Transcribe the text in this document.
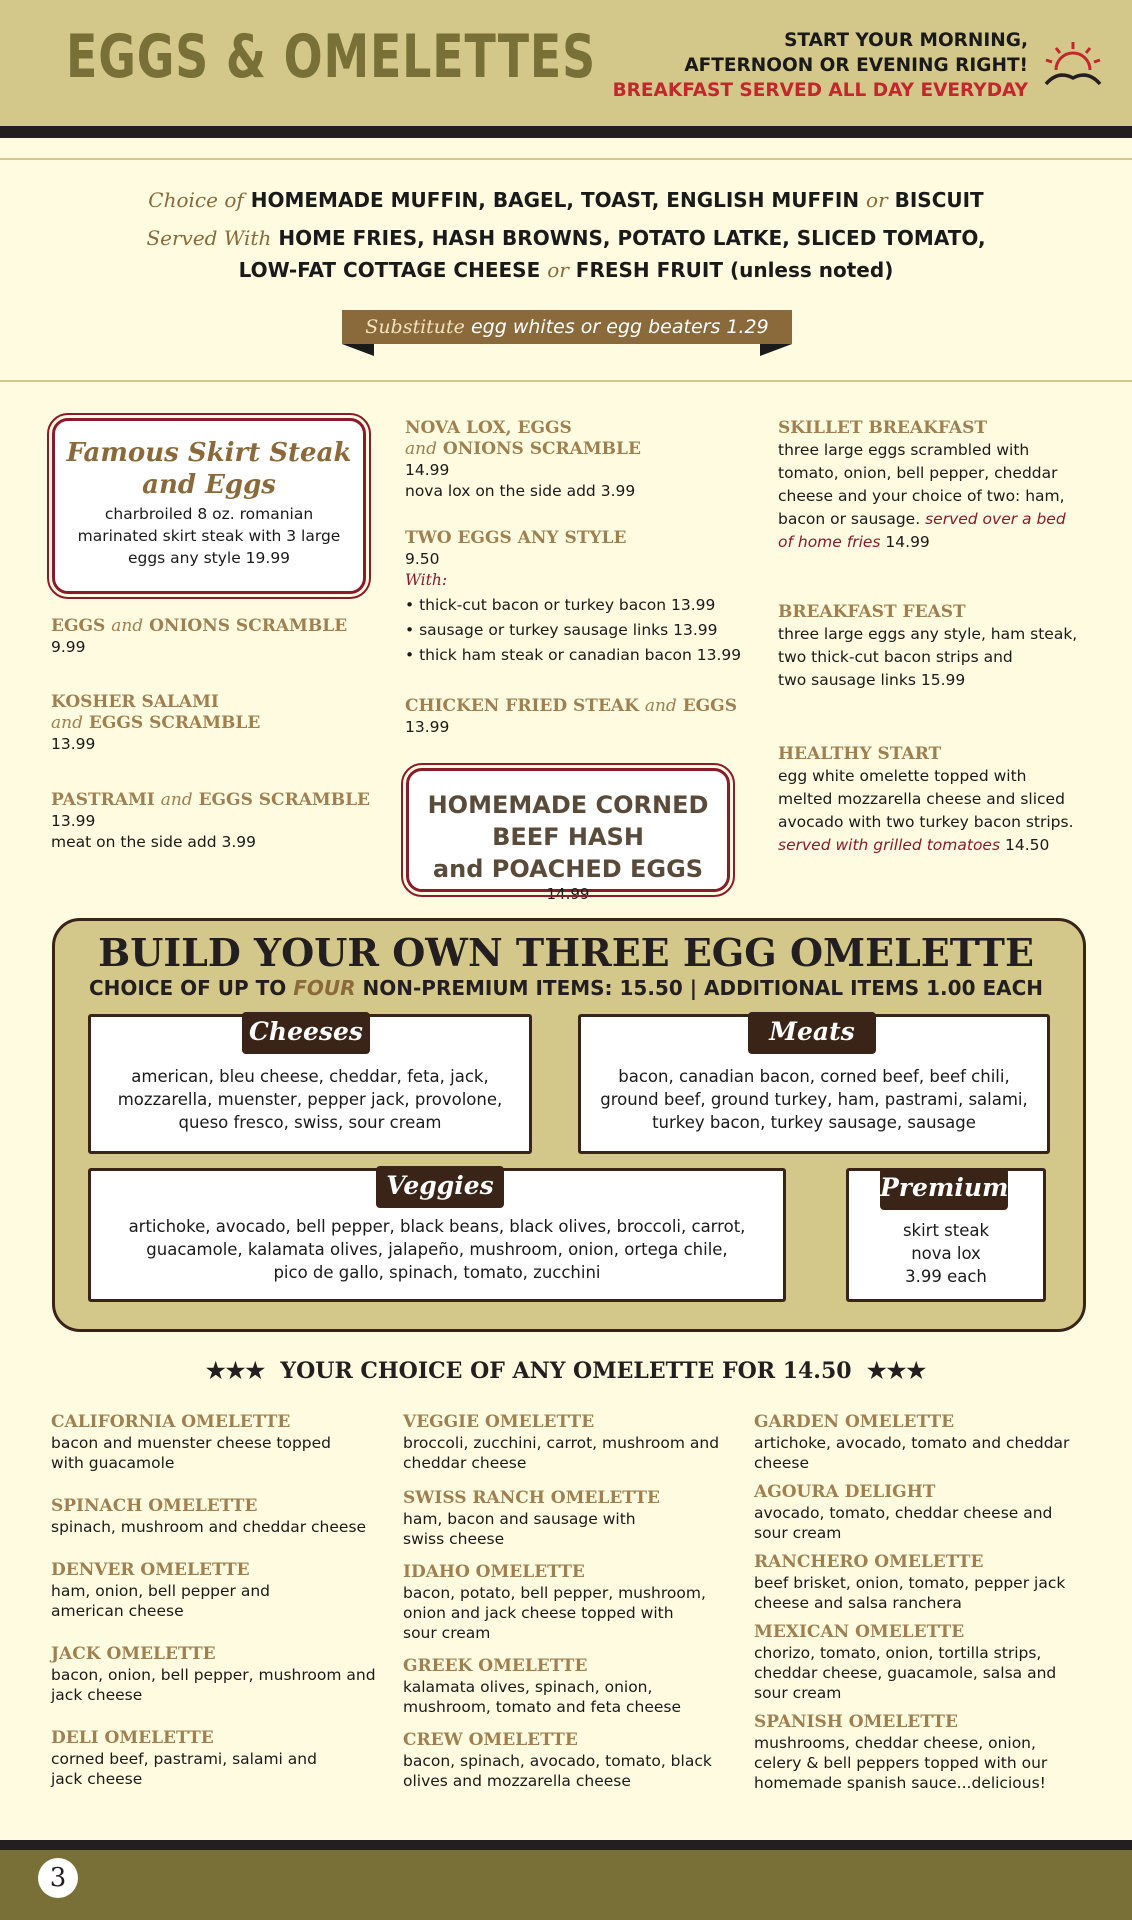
EGGS & OMELETTES	START YOUR MORNING,
AFTERNOON OR EVENING RIGHT!
BREAKFAST SERVED ALL DAY EVERYDAY
Choice of HOMEMADE MUFFIN, BAGEL, TOAST, ENGLISH MUFFIN or BISCUIT
Served With HOME FRIES, HASH BROWNS, POTATO LATKE, SLICED TOMATO,
LOW-FAT COTTAGE CHEESE or FRESH FRUIT (unless noted)
Substitute egg whites or egg beaters 1.29
Famous Skirt Steak
and Eggs
charbroiled 8 oz. romanian
marinated skirt steak with 3 large
eggs any style 19.99
EGGS and ONIONS SCRAMBLE
9.99
KOSHER SALAMI
and EGGS SCRAMBLE
13.99
PASTRAMI and EGGS SCRAMBLE
13.99
meat on the side add 3.99
NOVA LOX, EGGS
and ONIONS SCRAMBLE
14.99
nova lox on the side add 3.99
TWO EGGS ANY STYLE
9.50
With:
• thick-cut bacon or turkey bacon 13.99
• sausage or turkey sausage links 13.99
• thick ham steak or canadian bacon 13.99
CHICKEN FRIED STEAK and EGGS
13.99
HOMEMADE CORNED BEEF HASH
and POACHED EGGS
14.99
SKILLET BREAKFAST
three large eggs scrambled with
tomato, onion, bell pepper, cheddar
cheese and your choice of two: ham,
bacon or sausage. served over a bed
of home fries 14.99
BREAKFAST FEAST
three large eggs any style, ham steak,
two thick-cut bacon strips and
two sausage links 15.99
HEALTHY START
egg white omelette topped with
melted mozzarella cheese and sliced
avocado with two turkey bacon strips.
served with grilled tomatoes 14.50
BUILD YOUR OWN THREE EGG OMELETTE
CHOICE OF UP TO FOUR NON-PREMIUM ITEMS: 15.50 | ADDITIONAL ITEMS 1.00 EACH
american, bleu cheese, cheddar, feta, jack,
mozzarella, muenster, pepper jack, provolone,
queso fresco, swiss, sour cream
Cheeses
bacon, canadian bacon, corned beef, beef chili,
ground beef, ground turkey, ham, pastrami, salami,
turkey bacon, turkey sausage, sausage
Meats
artichoke, avocado, bell pepper, black beans, black olives, broccoli, carrot,
guacamole, kalamata olives, jalapeño, mushroom, onion, ortega chile,
pico de gallo, spinach, tomato, zucchini
Veggies
skirt steak
nova lox
3.99 each
Premium
★★★ YOUR CHOICE OF ANY OMELETTE FOR 14.50 ★★★
CALIFORNIA OMELETTE
bacon and muenster cheese topped
with guacamole
SPINACH OMELETTE
spinach, mushroom and cheddar cheese
DENVER OMELETTE
ham, onion, bell pepper and
american cheese
JACK OMELETTE
bacon, onion, bell pepper, mushroom and
jack cheese
DELI OMELETTE
corned beef, pastrami, salami and
jack cheese
VEGGIE OMELETTE
broccoli, zucchini, carrot, mushroom and
cheddar cheese
SWISS RANCH OMELETTE
ham, bacon and sausage with
swiss cheese
IDAHO OMELETTE
bacon, potato, bell pepper, mushroom,
onion and jack cheese topped with
sour cream
GREEK OMELETTE
kalamata olives, spinach, onion,
mushroom, tomato and feta cheese
CREW OMELETTE
bacon, spinach, avocado, tomato, black
olives and mozzarella cheese
GARDEN OMELETTE
artichoke, avocado, tomato and cheddar
cheese
AGOURA DELIGHT
avocado, tomato, cheddar cheese and
sour cream
RANCHERO OMELETTE
beef brisket, onion, tomato, pepper jack
cheese and salsa ranchera
MEXICAN OMELETTE
chorizo, tomato, onion, tortilla strips,
cheddar cheese, guacamole, salsa and
sour cream
SPANISH OMELETTE
mushrooms, cheddar cheese, onion,
celery & bell peppers topped with our
homemade spanish sauce...delicious!
3
